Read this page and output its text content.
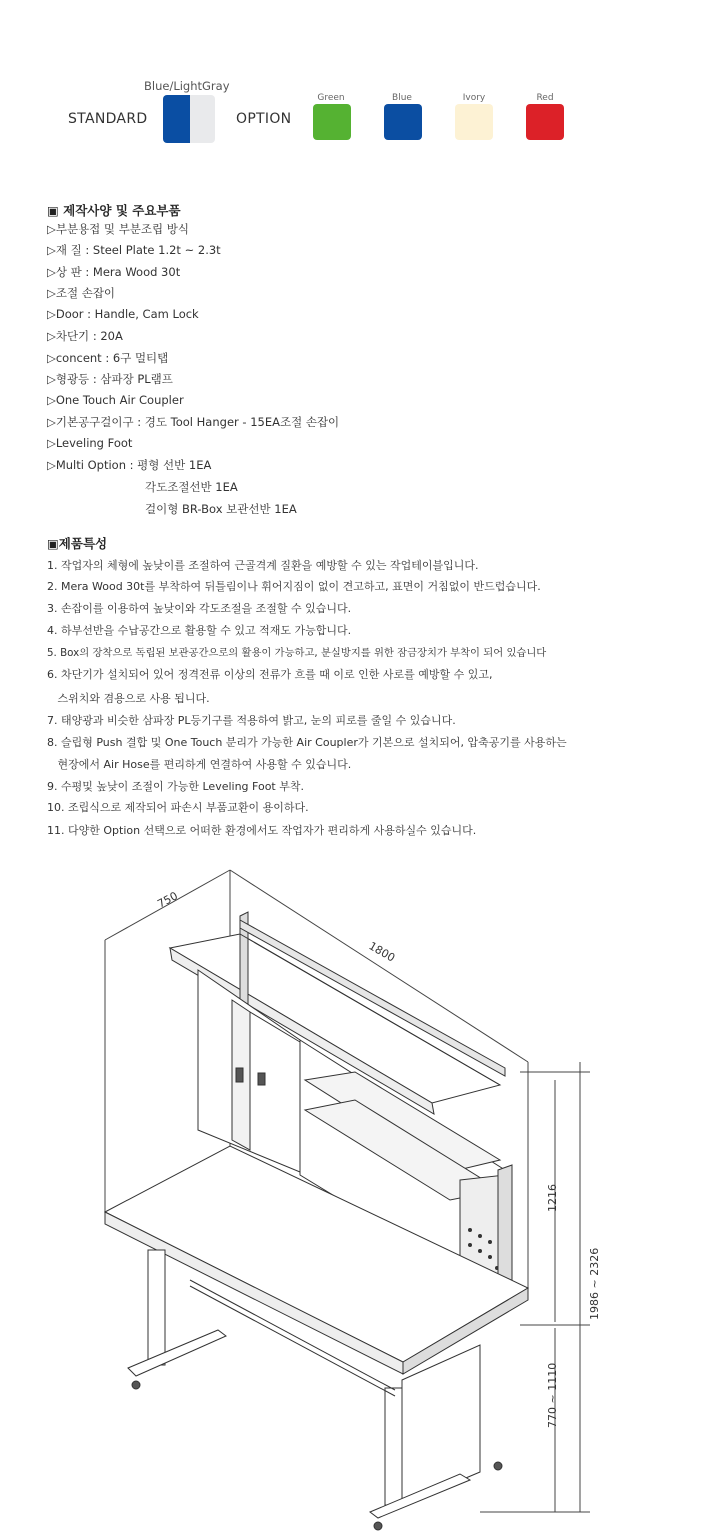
Blue/LightGray
STANDARD	OPTION
Green	Blue	Ivory	Red
▣ 제작사양 및 주요부품
▷부분용접 및 부분조립 방식
▷재 질 : Steel Plate 1.2t ~ 2.3t
▷상 판 : Mera Wood 30t
▷조절 손잡이
▷Door : Handle, Cam Lock
▷차단기 : 20A
▷concent : 6구 멀티탭
▷형광등 : 삼파장 PL램프
▷One Touch Air Coupler
▷기본공구걸이구 : 경도 Tool Hanger - 15EA조절 손잡이
▷Leveling Foot
▷Multi Option : 평형 선반 1EA
각도조절선반 1EA
걸이형 BR-Box 보관선반 1EA
▣제품특성
1. 작업자의 체형에 높낮이를 조절하여 근골격계 질환을 예방할 수 있는 작업테이블입니다.
2. Mera Wood 30t를 부착하여 뒤틀림이나 휘어지짐이 없이 견고하고, 표면이 거침없이 반드럽습니다.
3. 손잡이를 이용하여 높낮이와 각도조절을 조절할 수 있습니다.
4. 하부선반을 수납공간으로 활용할 수 있고 적재도 가능합니다.
5. Box의 장착으로 독립된 보관공간으로의 활용이 가능하고, 분실방지를 위한 잠금장치가 부착이 되어 있습니다
6. 차단기가 설치되어 있어 정격전류 이상의 전류가 흐를 때 이로 인한 사로를 예방할 수 있고,
스위치와 겸용으로 사용 됩니다.
7. 태양광과 비슷한 삼파장 PL등기구를 적용하여 밝고, 눈의 피로를 줄일 수 있습니다.
8. 슬립형 Push 결합 및 One Touch 분리가 가능한 Air Coupler가 기본으로 설치되어, 압축공기를 사용하는
현장에서 Air Hose를 편리하게 연결하여 사용할 수 있습니다.
9. 수평및 높낮이 조절이 가능한 Leveling Foot 부착.
10. 조립식으로 제작되어 파손시 부품교환이 용이하다.
11. 다양한 Option 선택으로 어떠한 환경에서도 작업자가 편리하게 사용하실수 있습니다.
750
1800
1216
1986 ~ 2326
770 ~ 1110
